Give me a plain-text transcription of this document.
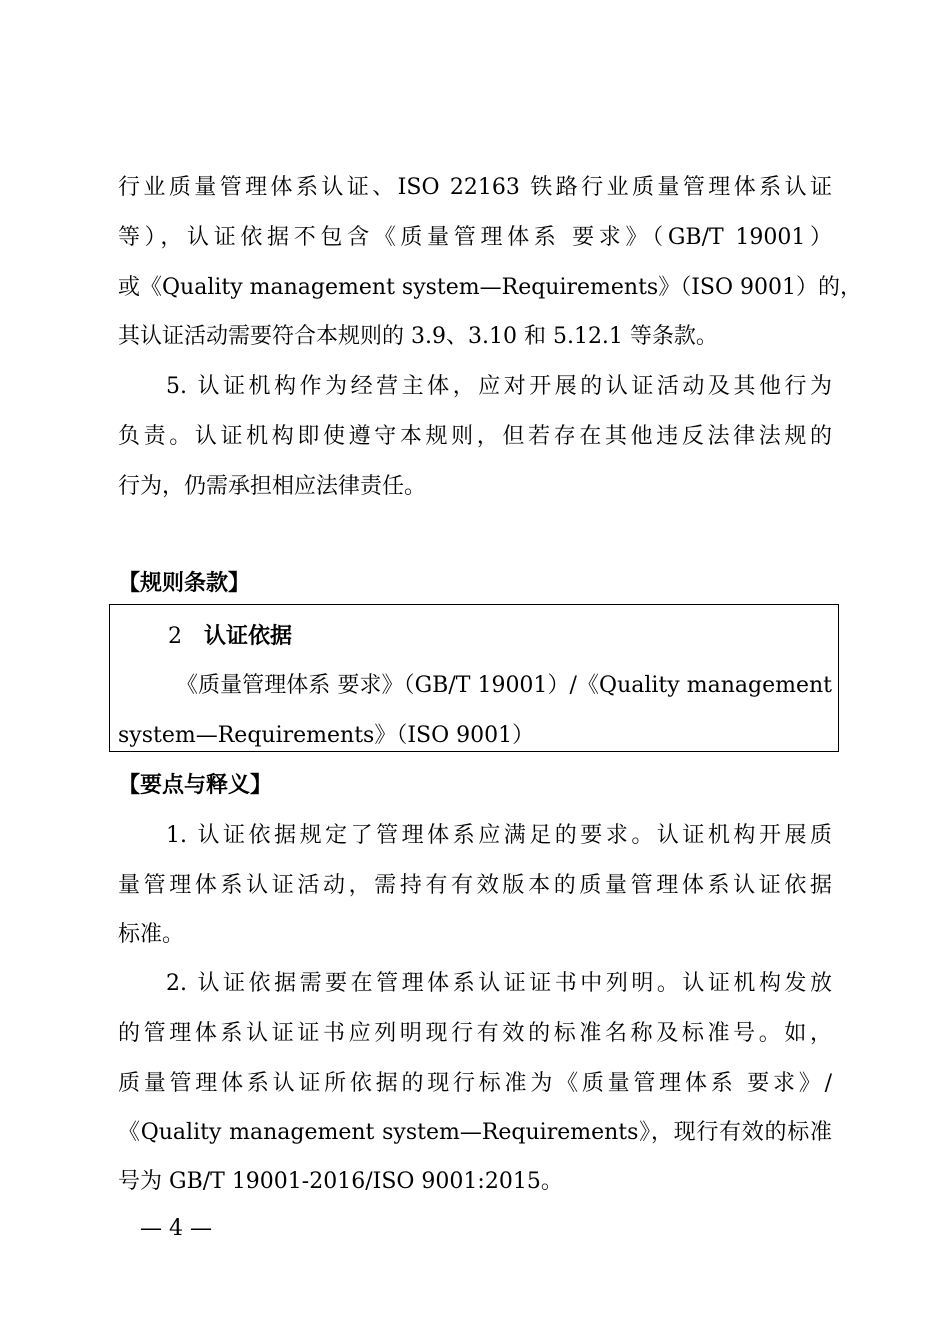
行业质量管理体系认证、ISO 22163 铁路行业质量管理体系认证
等），认证依据不包含《质量管理体系 要求》（GB/T 19001）
或《Quality management system—Requirements》（ISO 9001）的，
其认证活动需要符合本规则的 3.9、3.10 和 5.12.1 等条款。
5. 认证机构作为经营主体，应对开展的认证活动及其他行为
负责。认证机构即使遵守本规则，但若存在其他违反法律法规的
行为，仍需承担相应法律责任。
【规则条款】
2 认证依据
《质量管理体系 要求》（GB/T 19001）/《Quality management
system—Requirements》（ISO 9001）
【要点与释义】
1. 认证依据规定了管理体系应满足的要求。认证机构开展质
量管理体系认证活动，需持有有效版本的质量管理体系认证依据
标准。
2. 认证依据需要在管理体系认证证书中列明。认证机构发放
的管理体系认证证书应列明现行有效的标准名称及标准号。如，
质量管理体系认证所依据的现行标准为《质量管理体系 要求》/
《Quality management system—Requirements》，现行有效的标准
号为 GB/T 19001-2016/ISO 9001:2015。
— 4 —
